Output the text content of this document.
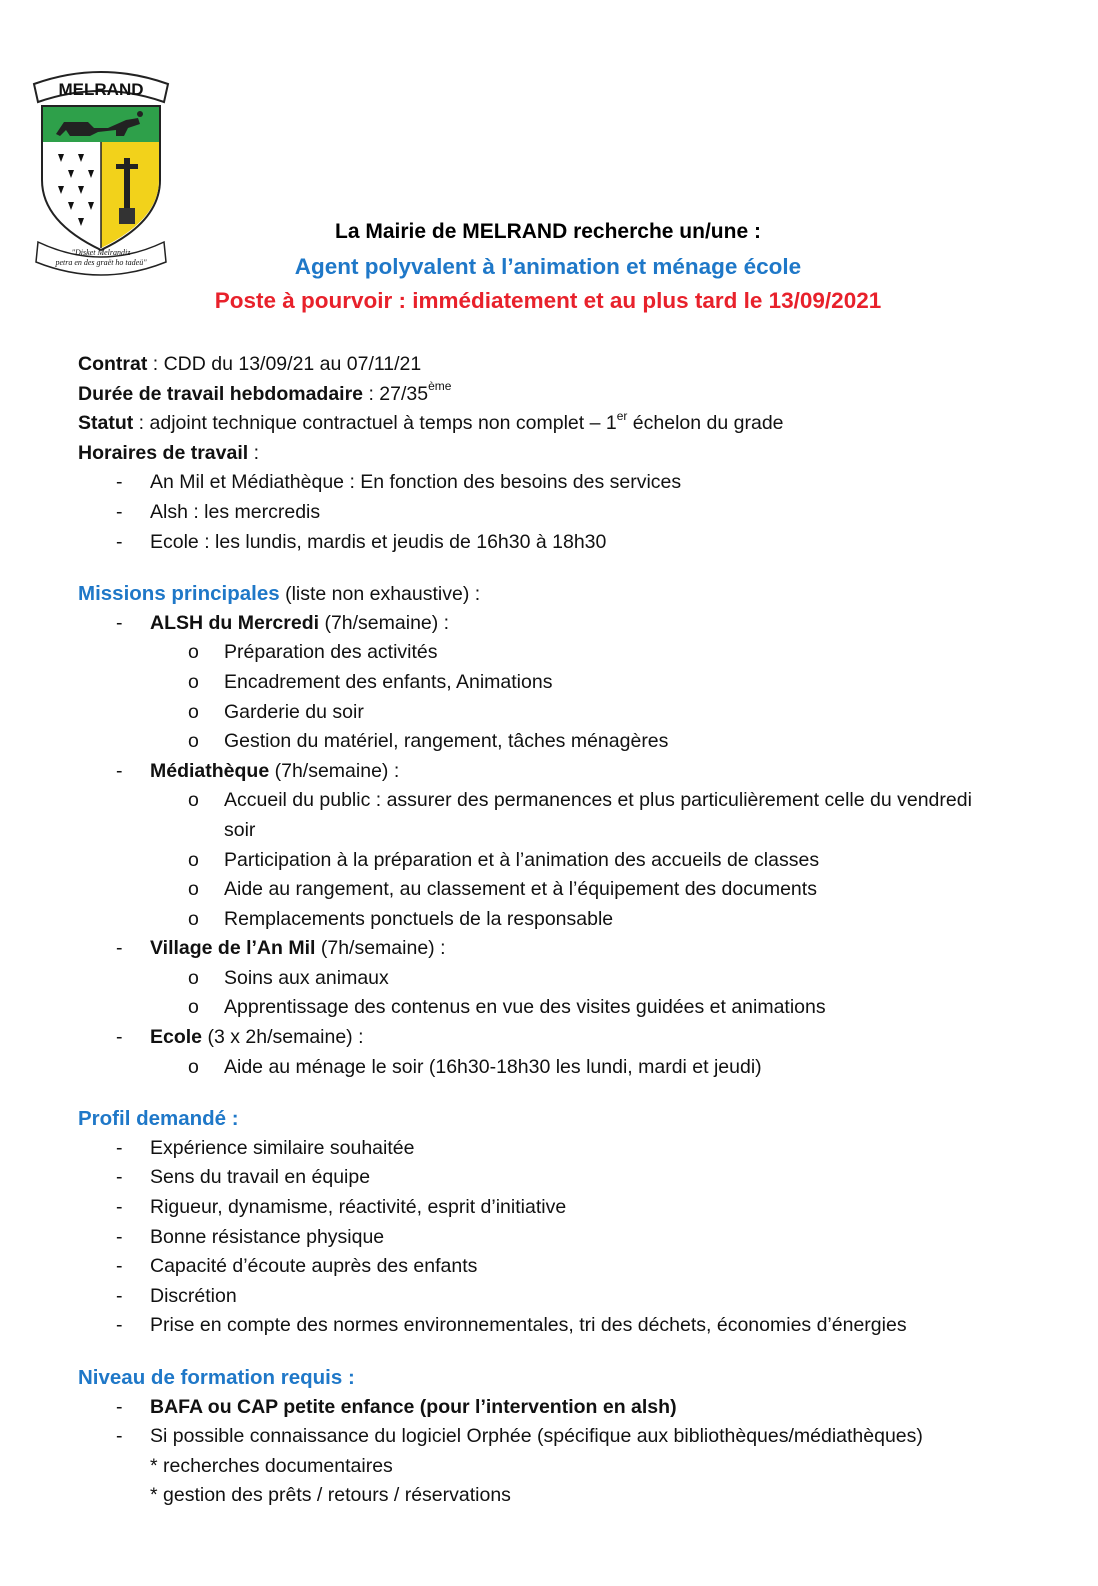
MELRAND
"Disket Melrandiz
petra en des graët ho tadeü"
La Mairie de MELRAND recherche un/une :
Agent polyvalent à l’animation et ménage école
Poste à pourvoir : immédiatement et au plus tard le 13/09/2021
Contrat : CDD du 13/09/21 au 07/11/21
Durée de travail hebdomadaire : 27/35ème
Statut : adjoint technique contractuel à temps non complet – 1er échelon du grade
Horaires de travail :
- An Mil et Médiathèque : En fonction des besoins des services
- Alsh : les mercredis
- Ecole : les lundis, mardis et jeudis de 16h30 à 18h30
Missions principales (liste non exhaustive) :
- ALSH du Mercredi (7h/semaine) :
o Préparation des activités
o Encadrement des enfants, Animations
o Garderie du soir
o Gestion du matériel, rangement, tâches ménagères
- Médiathèque (7h/semaine) :
o Accueil du public : assurer des permanences et plus particulièrement celle du vendredi
soir
o Participation à la préparation et à l’animation des accueils de classes
o Aide au rangement, au classement et à l’équipement des documents
o Remplacements ponctuels de la responsable
- Village de l’An Mil (7h/semaine) :
o Soins aux animaux
o Apprentissage des contenus en vue des visites guidées et animations
- Ecole (3 x 2h/semaine) :
o Aide au ménage le soir (16h30-18h30 les lundi, mardi et jeudi)
Profil demandé :
- Expérience similaire souhaitée
- Sens du travail en équipe
- Rigueur, dynamisme, réactivité, esprit d’initiative
- Bonne résistance physique
- Capacité d’écoute auprès des enfants
- Discrétion
- Prise en compte des normes environnementales, tri des déchets, économies d’énergies
Niveau de formation requis :
- BAFA ou CAP petite enfance (pour l’intervention en alsh)
- Si possible connaissance du logiciel Orphée (spécifique aux bibliothèques/médiathèques)
* recherches documentaires
* gestion des prêts / retours / réservations
